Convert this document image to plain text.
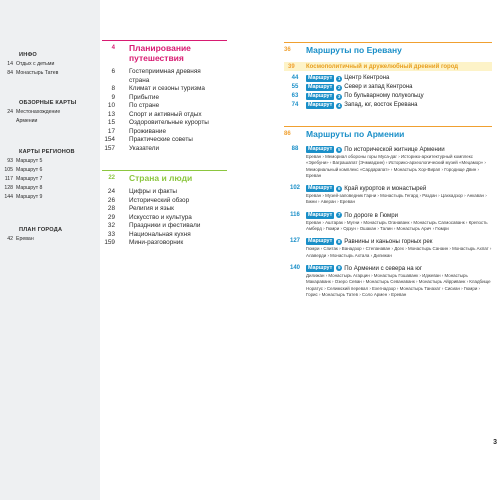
ИНФО
14 Отдых с детьми
84 Монастырь Татев
ОБЗОРНЫЕ КАРТЫ
24 Местонахождение
Армении
КАРТЫ РЕГИОНОВ
93 Маршрут 5
105 Маршрут 6
117 Маршрут 7
128 Маршрут 8
144 Маршрут 9
ПЛАН ГОРОДА
42 Ереван
4	Планирование
путешествия
6	Гостеприимная древняя
страна
8	Климат и сезоны туризма
9	Прибытие
10	По стране
13	Спорт и активный отдых
15	Оздоровительные курорты
17	Проживание
154	Практические советы
157	Указатели
22	Страна и люди
24	Цифры и факты
26	Исторический обзор
28	Религия и язык
29	Искусство и культура
32	Праздники и фестивали
33	Национальная кухня
159	Мини-разговорник
36	Маршруты по Еревану
39	Космополитичный и дружелюбный древний город
44	Маршрут	1 Центр Кентрона
55	Маршрут	2 Север и запад Кентрона
63	Маршрут	3 По бульварному полукольцу
74	Маршрут	4 Запад, юг, восток Еревана
86	Маршруты по Армении
88	Маршрут	5 По исторической житнице Армении
Ереван › Мемориал обороны горы Муса-даг › Историко-архитектурный комплекс «Эребуни» › Ваграшапат (Эчмиадзин) › Историко-археологический музей «Мецамор» › Мемориальный комплекс «Сардарапат» › Монастырь Хор-Вирап › Городище Двин › Ереван
102	Маршрут	6 Край курортов и монастырей
Ереван › Музей-заповедник Гарни › Монастырь Гегард › Раздан › Цахкадзор › Анкаван › Бжни › Аверан › Ереван
116	Маршрут	7 По дороге в Гюмри
Ереван › Аштарак › Мугни › Монастырь Оганаванк › Монастырь Сагмосаванк › Крепость Амберд › Гюмри › Одзун › Ошакан › Талин › Монастырь Арич › Гюмри
127	Маршрут	8 Равнины и каньоны горных рек
Гюмри › Спитак › Ванадзор › Степанаван › Дсех › Монастырь Санаин › Монастырь Ахпат › Алаверди › Монастырь Ахтала › Дилижан
140	Маршрут	9 По Армении с севера на юг
Дилижан › Монастырь Агарцин › Монастырь Гошаванк › Иджеван › Монастырь Макараванк › Озеро Севан › Монастырь Севанаванк › Монастырь Айрриванк › Кладбище Норатус › Селимский перевал › Ехегнадзор › Монастырь Танахат › Сисиан › Гюмри › Горис › Монастырь Татев › Соло Армен › Ереван
3
